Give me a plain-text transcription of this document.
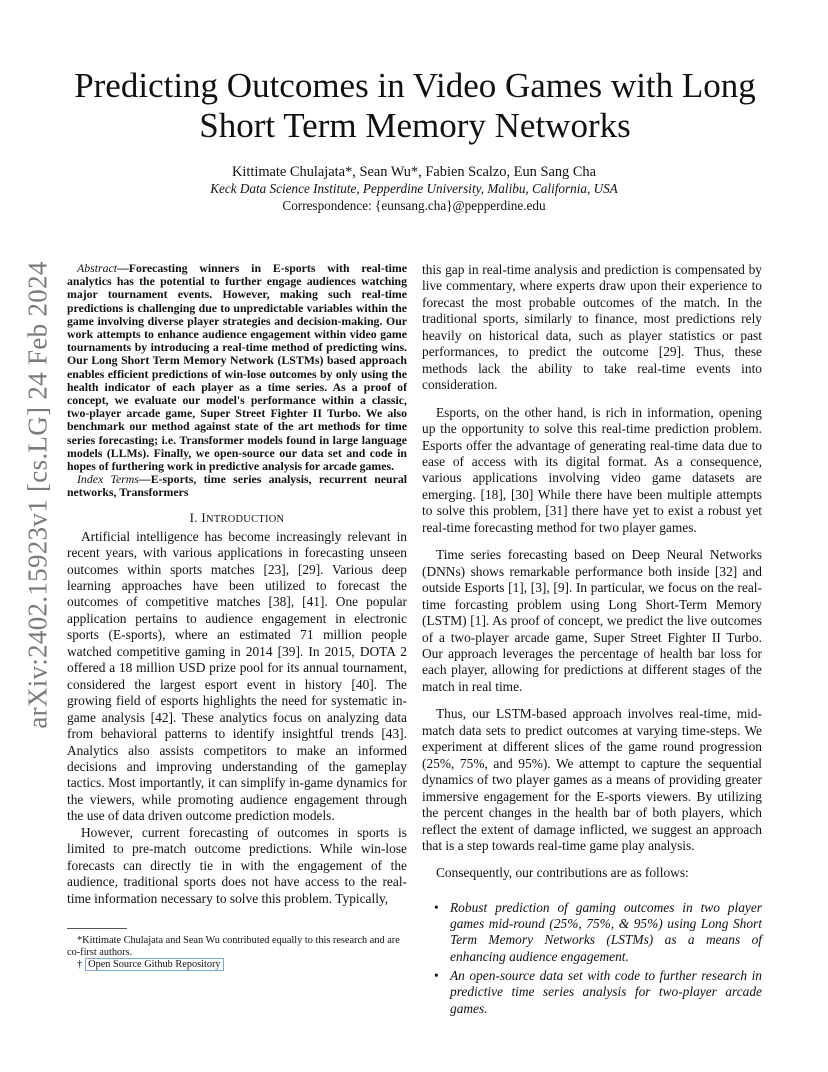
arXiv:2402.15923v1 [cs.LG] 24 Feb 2024
Predicting Outcomes in Video Games with Long Short Term Memory Networks
Kittimate Chulajata*, Sean Wu*, Fabien Scalzo, Eun Sang Cha
Keck Data Science Institute, Pepperdine University, Malibu, California, USA
Correspondence: {eunsang.cha}@pepperdine.edu

Abstract—Forecasting winners in E-sports with real-time analytics has the potential to further engage audiences watching major tournament events. However, making such real-time predictions is challenging due to unpredictable variables within the game involving diverse player strategies and decision-making. Our work attempts to enhance audience engagement within video game tournaments by introducing a real-time method of predicting wins. Our Long Short Term Memory Network (LSTMs) based approach enables efficient predictions of win-lose outcomes by only using the health indicator of each player as a time series. As a proof of concept, we evaluate our model's performance within a classic, two-player arcade game, Super Street Fighter II Turbo. We also benchmark our method against state of the art methods for time series forecasting; i.e. Transformer models found in large language models (LLMs). Finally, we open-source our data set and code in hopes of furthering work in predictive analysis for arcade games.

Index Terms—E-sports, time series analysis, recurrent neural networks, Transformers

I. INTRODUCTION

Artificial intelligence has become increasingly relevant in recent years, with various applications in forecasting unseen outcomes within sports matches [23], [29]. Various deep learning approaches have been utilized to forecast the outcomes of competitive matches [38], [41]. One popular application pertains to audience engagement in electronic sports (E-sports), where an estimated 71 million people watched competitive gaming in 2014 [39]. In 2015, DOTA 2 offered a 18 million USD prize pool for its annual tournament, considered the largest esport event in history [40]. The growing field of esports highlights the need for systematic in-game analysis [42]. These analytics focus on analyzing data from behavioral patterns to identify insightful trends [43]. Analytics also assists competitors to make an informed decisions and improving understanding of the gameplay tactics. Most importantly, it can simplify in-game dynamics for the viewers, while promoting audience engagement through the use of data driven outcome prediction models.

However, current forecasting of outcomes in sports is limited to pre-match outcome predictions. While win-lose forecasts can directly tie in with the engagement of the audience, traditional sports does not have access to the real-time information necessary to solve this problem. Typically,

this gap in real-time analysis and prediction is compensated by live commentary, where experts draw upon their experience to forecast the most probable outcomes of the match. In the traditional sports, similarly to finance, most predictions rely heavily on historical data, such as player statistics or past performances, to predict the outcome [29]. Thus, these methods lack the ability to take real-time events into consideration.

Esports, on the other hand, is rich in information, opening up the opportunity to solve this real-time prediction problem. Esports offer the advantage of generating real-time data due to ease of access with its digital format. As a consequence, various applications involving video game datasets are emerging. [18], [30] While there have been multiple attempts to solve this problem, [31] there have yet to exist a robust yet real-time forecasting method for two player games.

Time series forecasting based on Deep Neural Networks (DNNs) shows remarkable performance both inside [32] and outside Esports [1], [3], [9]. In particular, we focus on the real-time forcasting problem using Long Short-Term Memory (LSTM) [1]. As proof of concept, we predict the live outcomes of a two-player arcade game, Super Street Fighter II Turbo. Our approach leverages the percentage of health bar loss for each player, allowing for predictions at different stages of the match in real time.

Thus, our LSTM-based approach involves real-time, mid-match data sets to predict outcomes at varying time-steps. We experiment at different slices of the game round progression (25%, 75%, and 95%). We attempt to capture the sequential dynamics of two player games as a means of providing greater immersive engagement for the E-sports viewers. By utilizing the percent changes in the health bar of both players, which reflect the extent of damage inflicted, we suggest an approach that is a step towards real-time game play analysis.

Consequently, our contributions are as follows:

• Robust prediction of gaming outcomes in two player games mid-round (25%, 75%, & 95%) using Long Short Term Memory Networks (LSTMs) as a means of enhancing audience engagement.
• An open-source data set with code to further research in predictive time series analysis for two-player arcade games.
*Kittimate Chulajata and Sean Wu contributed equally to this research and are co-first authors.
† Open Source Github Repository
